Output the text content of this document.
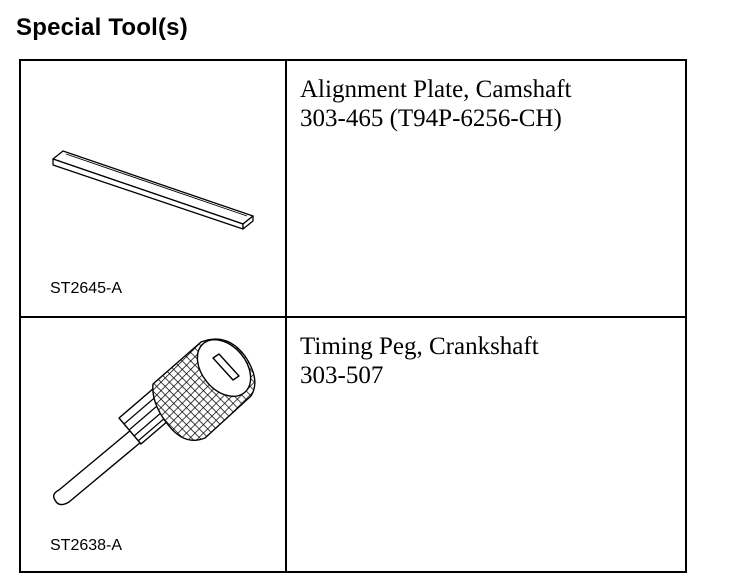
Special Tool(s)
ST2645-A
Alignment Plate, Camshaft
303-465 (T94P-6256-CH)
ST2638-A
Timing Peg, Crankshaft
303-507
